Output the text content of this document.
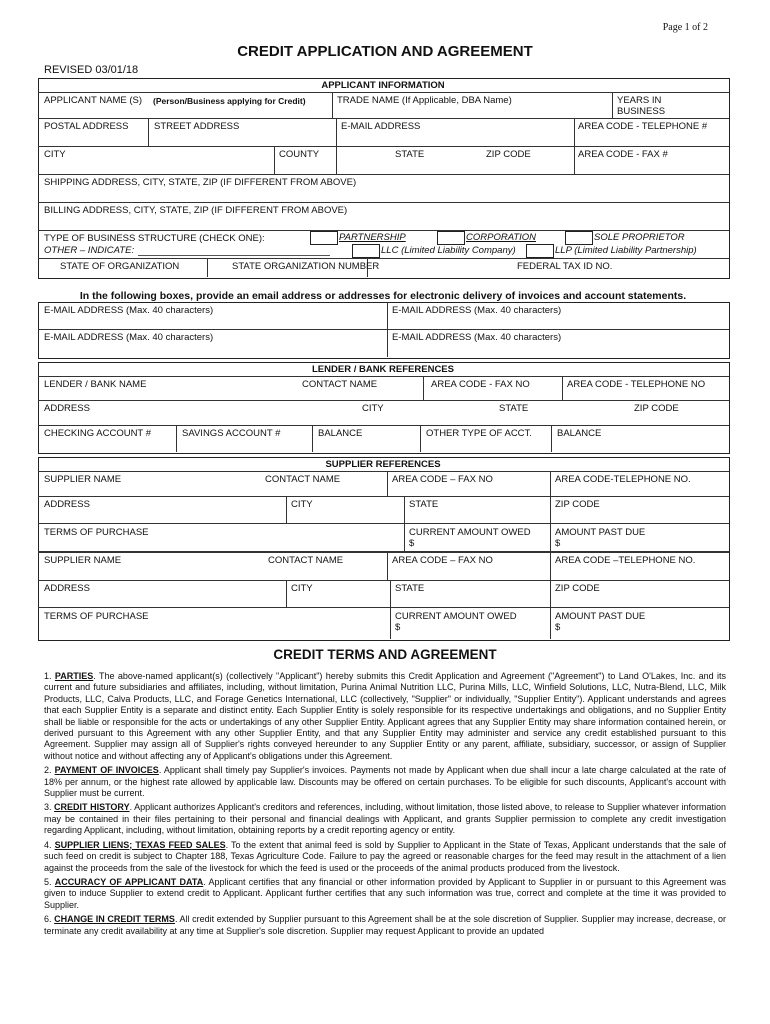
Page 1 of 2
CREDIT APPLICATION AND AGREEMENT
REVISED 03/01/18
APPLICANT INFORMATION
APPLICANT NAME (S) (Person/Business applying for Credit)	TRADE NAME (If Applicable, DBA Name)	YEARS IN
BUSINESS
POSTAL ADDRESS	STREET ADDRESS	E-MAIL ADDRESS	AREA CODE - TELEPHONE #
CITY	COUNTY	STATE	ZIP CODE	AREA CODE - FAX #
SHIPPING ADDRESS, CITY, STATE, ZIP (IF DIFFERENT FROM ABOVE)
BILLING ADDRESS, CITY, STATE, ZIP (IF DIFFERENT FROM ABOVE)
TYPE OF BUSINESS STRUCTURE (CHECK ONE):
OTHER – INDICATE:
PARTNERSHIP	CORPORATION	SOLE PROPRIETOR
LLC (Limited Liability Company)	LLP (Limited Liability Partnership)
STATE OF ORGANIZATION	STATE ORGANIZATION NUMBER	FEDERAL TAX ID NO.
In the following boxes, provide an email address or addresses for electronic delivery of invoices and account statements.
E-MAIL ADDRESS (Max. 40 characters)	E-MAIL ADDRESS (Max. 40 characters)
E-MAIL ADDRESS (Max. 40 characters)	E-MAIL ADDRESS (Max. 40 characters)
LENDER / BANK REFERENCES
LENDER / BANK NAME	CONTACT NAME	AREA CODE - FAX NO	AREA CODE - TELEPHONE NO
ADDRESS	CITY	STATE	ZIP CODE
CHECKING ACCOUNT #	SAVINGS ACCOUNT #	BALANCE	OTHER TYPE OF ACCT.	BALANCE
SUPPLIER REFERENCES
SUPPLIER NAME	CONTACT NAME	AREA CODE – FAX NO	AREA CODE-TELEPHONE NO.
ADDRESS	CITY	STATE	ZIP CODE
TERMS OF PURCHASE	CURRENT AMOUNT OWED
$
AMOUNT PAST DUE
$
SUPPLIER NAME	CONTACT NAME	AREA CODE – FAX NO	AREA CODE –TELEPHONE NO.
ADDRESS	CITY	STATE	ZIP CODE
TERMS OF PURCHASE	CURRENT AMOUNT OWED
$
AMOUNT PAST DUE
$
CREDIT TERMS AND AGREEMENT

1. PARTIES. The above-named applicant(s) (collectively "Applicant") hereby submits this Credit Application and Agreement ("Agreement") to Land O'Lakes, Inc. and its current and future subsidiaries and affiliates, including, without limitation, Purina Animal Nutrition LLC, Purina Mills, LLC, Winfield Solutions, LLC, Nutra-Blend, LLC, Milk Products, LLC, Calva Products, LLC, and Forage Genetics International, LLC (collectively, "Supplier" or individually, "Supplier Entity"). Applicant understands and agrees that each Supplier Entity is a separate and distinct entity. Each Supplier Entity is solely responsible for its respective undertakings and obligations, and no Supplier Entity shall be liable or responsible for the acts or undertakings of any other Supplier Entity. Applicant agrees that any Supplier Entity may share information contained herein, or derived pursuant to this Agreement with any other Supplier Entity, and that any Supplier Entity may administer and service any credit established pursuant to this Agreement. Supplier may assign all of Supplier's rights conveyed hereunder to any Supplier Entity or any parent, affiliate, subsidiary, successor, or assign of Supplier without notice and without affecting any of Applicant's obligations under this Agreement.

2. PAYMENT OF INVOICES. Applicant shall timely pay Supplier's invoices. Payments not made by Applicant when due shall incur a late charge calculated at the rate of 18% per annum, or the highest rate allowed by applicable law. Discounts may be offered on certain purchases. To be eligible for such discounts, Applicant's account with Supplier must be current.

3. CREDIT HISTORY. Applicant authorizes Applicant's creditors and references, including, without limitation, those listed above, to release to Supplier whatever information may be contained in their files pertaining to their personal and financial dealings with Applicant, and grants Supplier permission to complete any credit investigation regarding Applicant, including, without limitation, obtaining reports by a credit reporting agency or entity.

4. SUPPLIER LIENS; TEXAS FEED SALES. To the extent that animal feed is sold by Supplier to Applicant in the State of Texas, Applicant understands that the sale of such feed on credit is subject to Chapter 188, Texas Agriculture Code. Failure to pay the agreed or reasonable charges for the feed may result in the attachment of a lien against the proceeds from the sale of the livestock for which the feed is used or the proceeds of the animal products produced from the livestock.

5. ACCURACY OF APPLICANT DATA. Applicant certifies that any financial or other information provided by Applicant to Supplier in or pursuant to this Agreement was given to induce Supplier to extend credit to Applicant. Applicant further certifies that any such information was true, correct and complete at the time it was provided to Supplier.

6. CHANGE IN CREDIT TERMS. All credit extended by Supplier pursuant to this Agreement shall be at the sole discretion of Supplier. Supplier may increase, decrease, or terminate any credit availability at any time at Supplier's sole discretion. Supplier may request Applicant to provide an updated
